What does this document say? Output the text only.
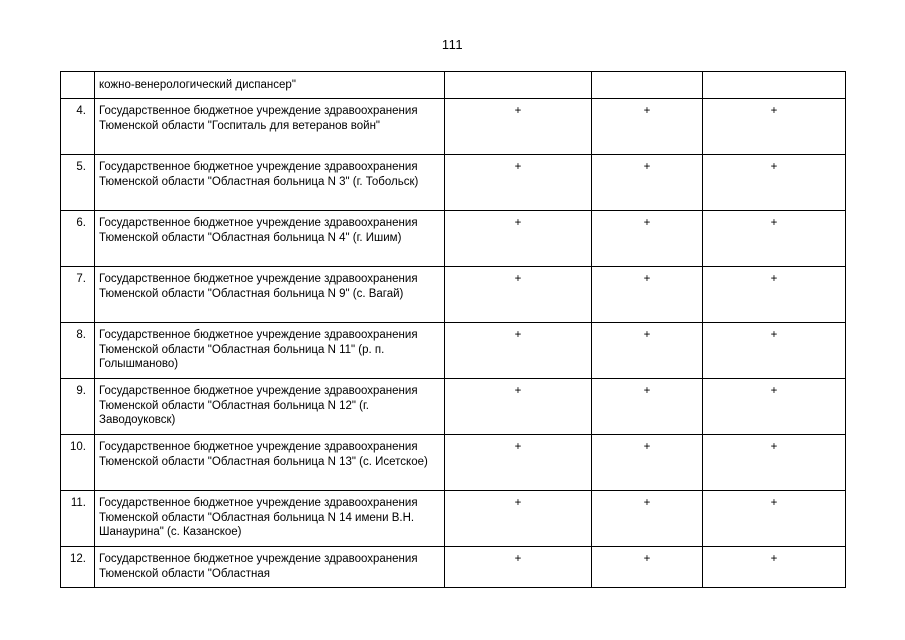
111
	кожно-венерологический диспансер"			
4.	Государственное бюджетное учреждение здравоохранения Тюменской области "Госпиталь для ветеранов войн"	+	+	+
5.	Государственное бюджетное учреждение здравоохранения Тюменской области "Областная больница N 3" (г. Тобольск)	+	+	+
6.	Государственное бюджетное учреждение здравоохранения Тюменской области "Областная больница N 4" (г. Ишим)	+	+	+
7.	Государственное бюджетное учреждение здравоохранения Тюменской области "Областная больница N 9" (с. Вагай)	+	+	+
8.	Государственное бюджетное учреждение здравоохранения Тюменской области "Областная больница N 11" (р. п. Голышманово)	+	+	+
9.	Государственное бюджетное учреждение здравоохранения Тюменской области "Областная больница N 12" (г. Заводоуковск)	+	+	+
10.	Государственное бюджетное учреждение здравоохранения Тюменской области "Областная больница N 13" (с. Исетское)	+	+	+
11.	Государственное бюджетное учреждение здравоохранения Тюменской области "Областная больница N 14 имени В.Н. Шанаурина" (с. Казанское)	+	+	+
12.	Государственное бюджетное учреждение здравоохранения Тюменской области "Областная	+	+	+
